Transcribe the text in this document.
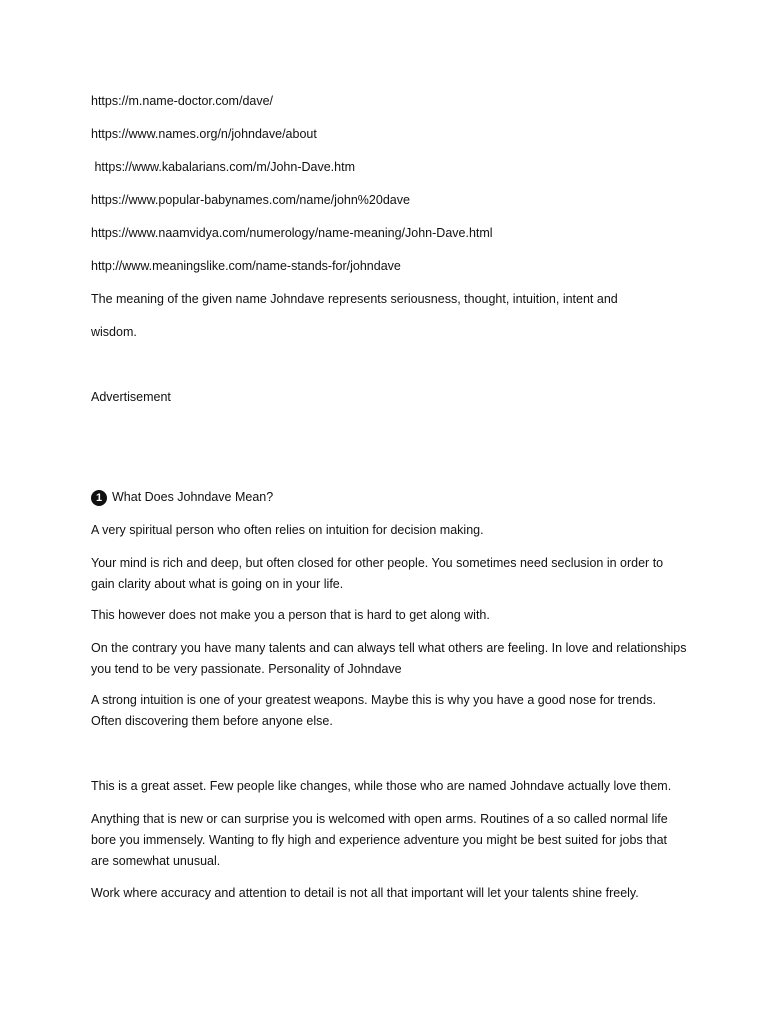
https://m.name-doctor.com/dave/
https://www.names.org/n/johndave/about
https://www.kabalarians.com/m/John-Dave.htm
https://www.popular-babynames.com/name/john%20dave
https://www.naamvidya.com/numerology/name-meaning/John-Dave.html
http://www.meaningslike.com/name-stands-for/johndave
The meaning of the given name Johndave represents seriousness, thought, intuition, intent and
wisdom.
Advertisement
1 What Does Johndave Mean?
A very spiritual person who often relies on intuition for decision making.
Your mind is rich and deep, but often closed for other people. You sometimes need seclusion in order to gain clarity about what is going on in your life.
This however does not make you a person that is hard to get along with.
On the contrary you have many talents and can always tell what others are feeling. In love and relationships you tend to be very passionate. Personality of Johndave
A strong intuition is one of your greatest weapons. Maybe this is why you have a good nose for trends. Often discovering them before anyone else.
This is a great asset. Few people like changes, while those who are named Johndave actually love them.
Anything that is new or can surprise you is welcomed with open arms. Routines of a so called normal life bore you immensely. Wanting to fly high and experience adventure you might be best suited for jobs that are somewhat unusual.
Work where accuracy and attention to detail is not all that important will let your talents shine freely.
